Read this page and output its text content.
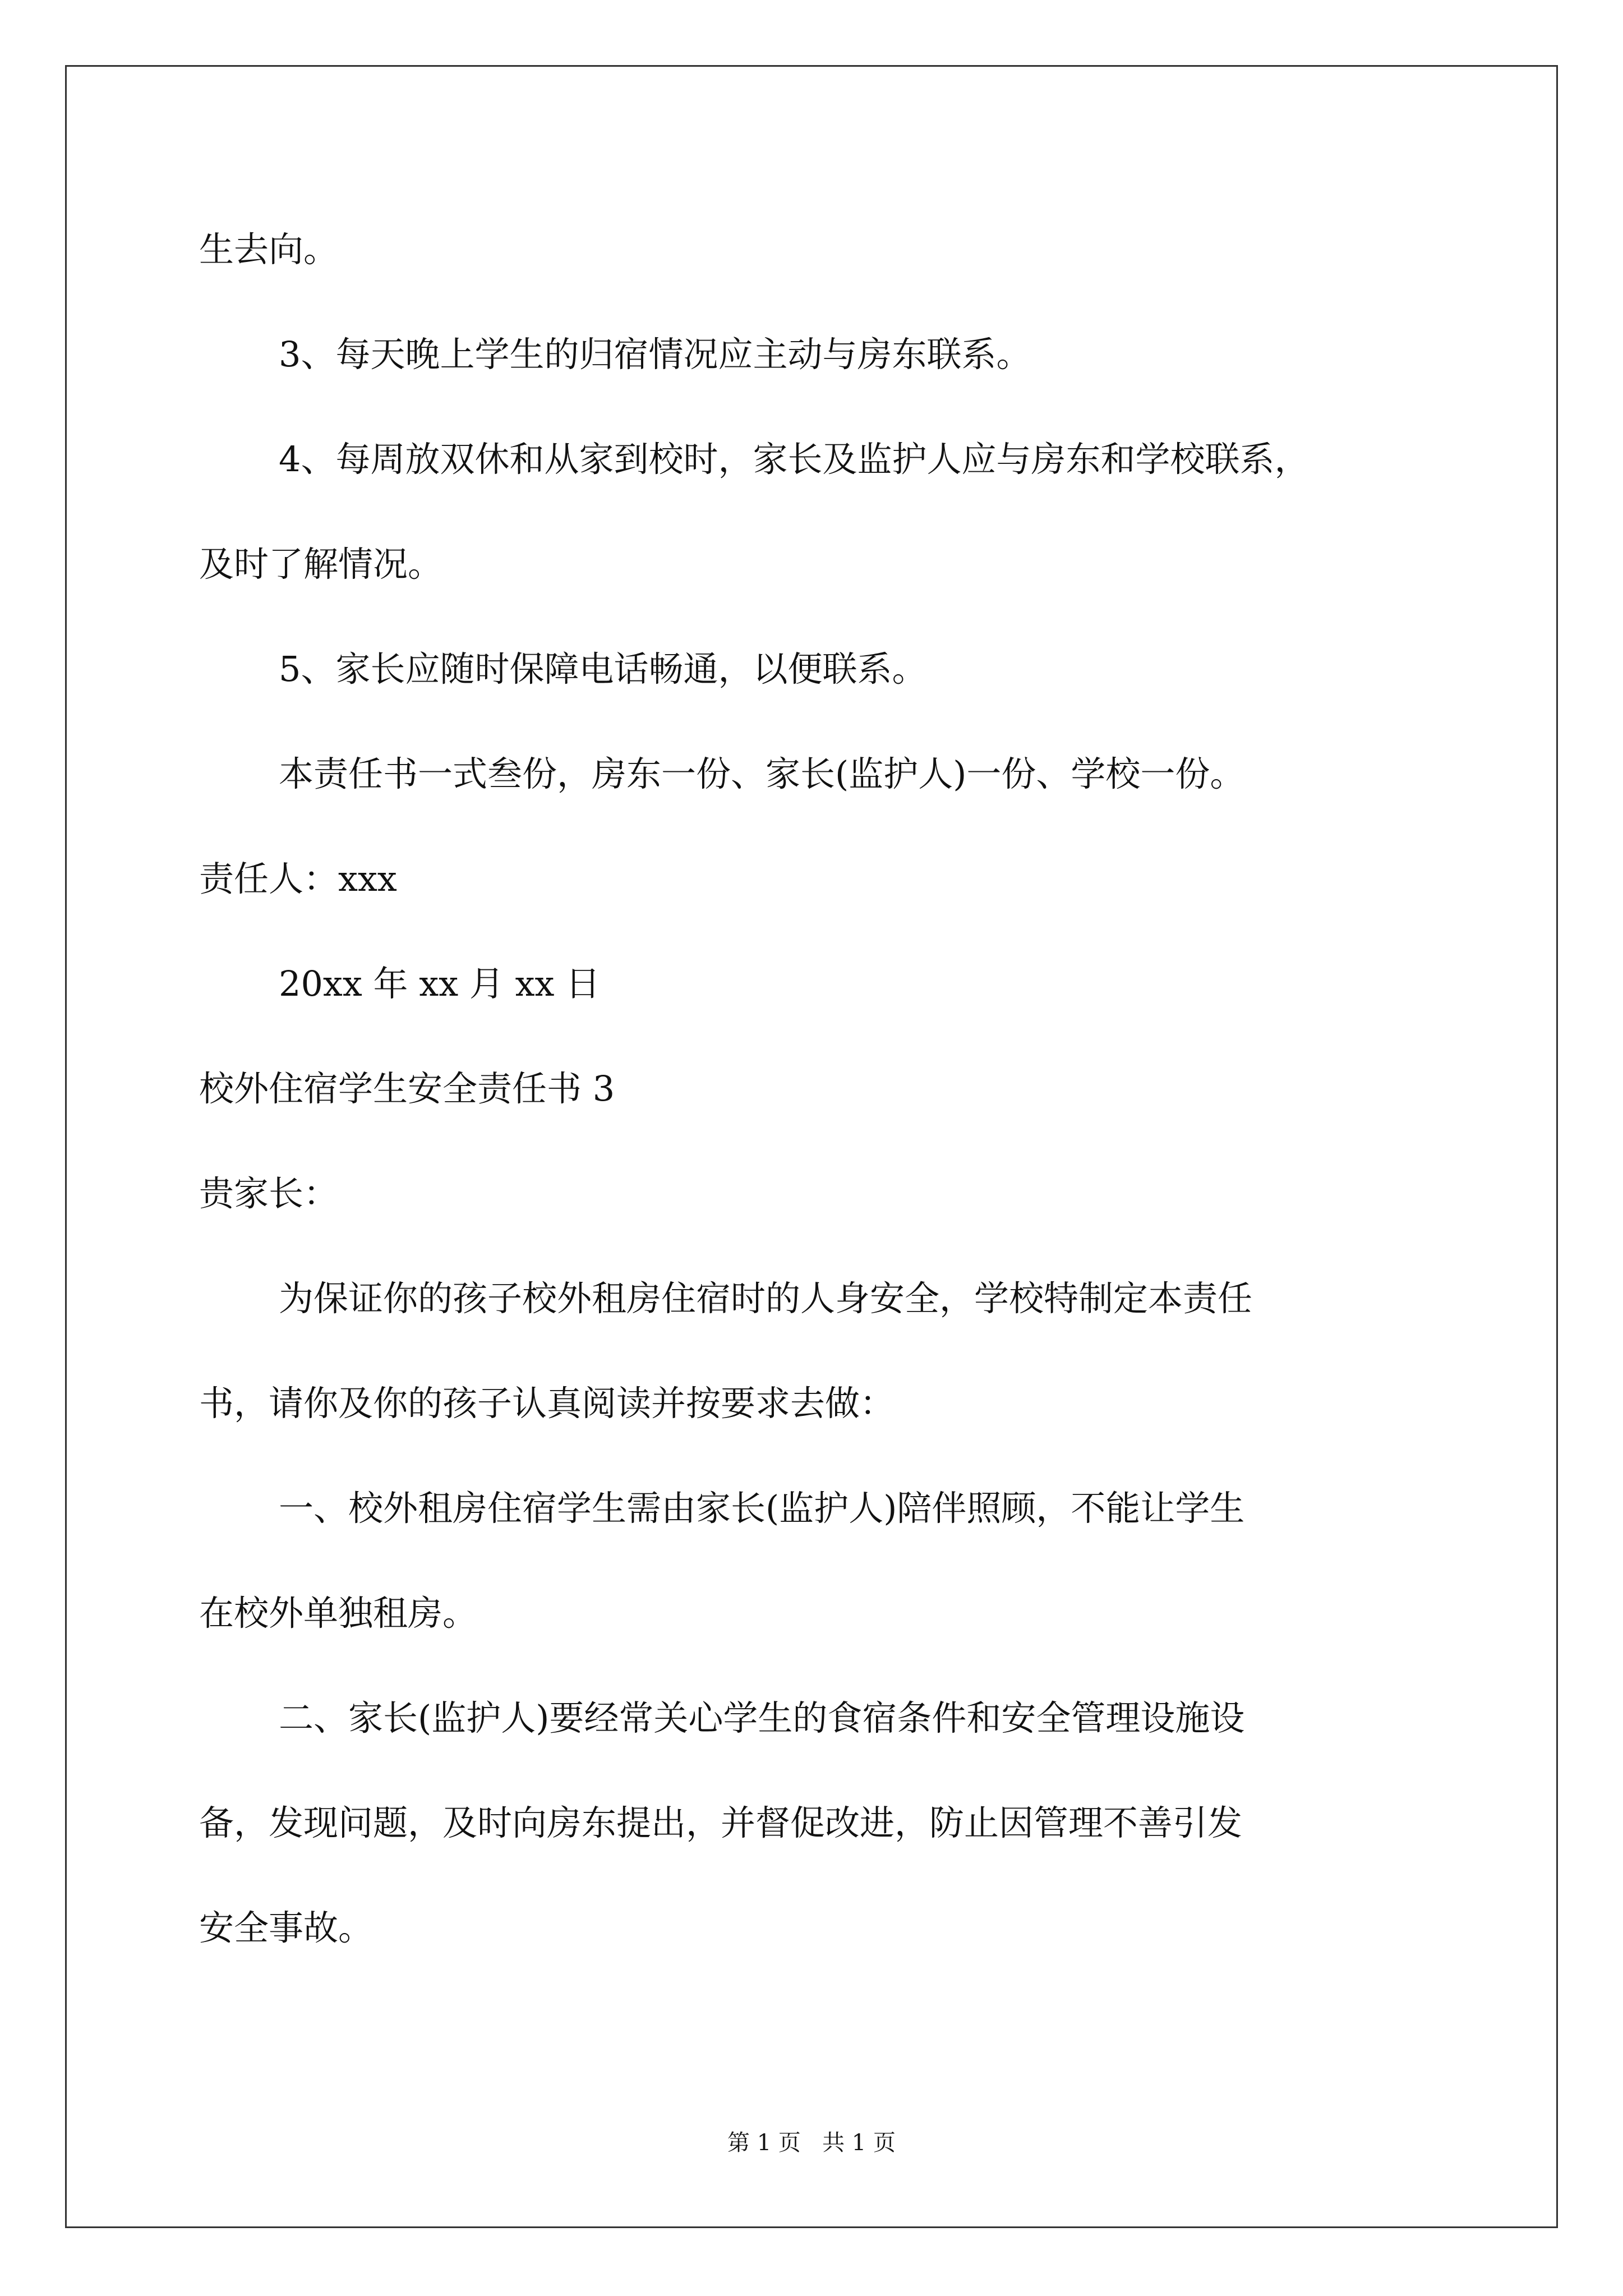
生去向。
3、每天晚上学生的归宿情况应主动与房东联系。
4、每周放双休和从家到校时，家长及监护人应与房东和学校联系，
及时了解情况。
5、家长应随时保障电话畅通，以便联系。
本责任书一式叁份，房东一份、家长(监护人)一份、学校一份。
责任人：xxx
20xx 年 xx 月 xx 日
校外住宿学生安全责任书 3
贵家长：
为保证你的孩子校外租房住宿时的人身安全，学校特制定本责任
书，请你及你的孩子认真阅读并按要求去做：
一、校外租房住宿学生需由家长(监护人)陪伴照顾，不能让学生
在校外单独租房。
二、家长(监护人)要经常关心学生的食宿条件和安全管理设施设
备，发现问题，及时向房东提出，并督促改进，防止因管理不善引发
安全事故。
第 1 页   共 1 页
